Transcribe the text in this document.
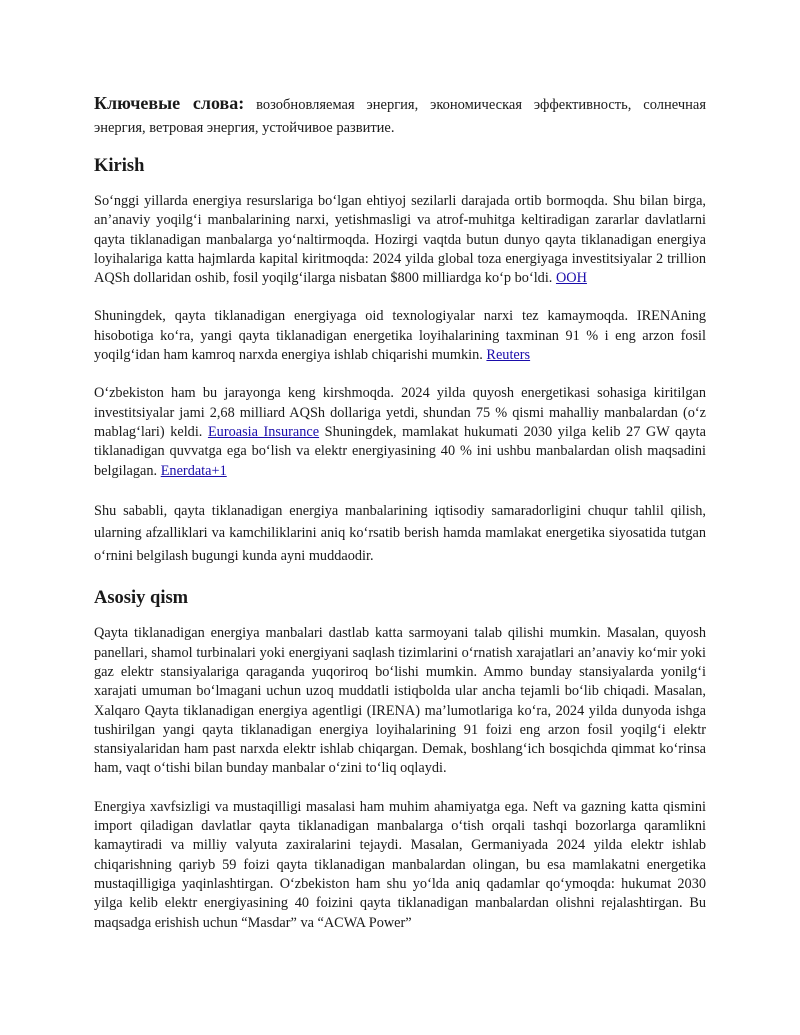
Ключевые слова: возобновляемая энергия, экономическая эффективность, солнечная энергия, ветровая энергия, устойчивое развитие.

Kirish

So‘nggi yillarda energiya resurslariga bo‘lgan ehtiyoj sezilarli darajada ortib bormoqda. Shu bilan birga, an’anaviy yoqilg‘i manbalarining narxi, yetishmasligi va atrof-muhitga keltiradigan zararlar davlatlarni qayta tiklanadigan manbalarga yo‘naltirmoqda. Hozirgi vaqtda butun dunyo qayta tiklanadigan energiya loyihalariga katta hajmlarda kapital kiritmoqda: 2024 yilda global toza energiyaga investitsiyalar 2 trillion AQSh dollaridan oshib, fosil yoqilg‘ilarga nisbatan $800 milliardga ko‘p bo‘ldi. OOH

Shuningdek, qayta tiklanadigan energiyaga oid texnologiyalar narxi tez kamaymoqda. IRENAning hisobotiga ko‘ra, yangi qayta tiklanadigan energetika loyihalarining taxminan 91 % i eng arzon fosil yoqilg‘idan ham kamroq narxda energiya ishlab chiqarishi mumkin. Reuters

O‘zbekiston ham bu jarayonga keng kirshmoqda. 2024 yilda quyosh energetikasi sohasiga kiritilgan investitsiyalar jami 2,68 milliard AQSh dollariga yetdi, shundan 75 % qismi mahalliy manbalardan (o‘z mablag‘lari) keldi. Euroasia Insurance Shuningdek, mamlakat hukumati 2030 yilga kelib 27 GW qayta tiklanadigan quvvatga ega bo‘lish va elektr energiyasining 40 % ini ushbu manbalardan olish maqsadini belgilagan. Enerdata+1

Shu sababli, qayta tiklanadigan energiya manbalarining iqtisodiy samaradorligini chuqur tahlil qilish, ularning afzalliklari va kamchiliklarini aniq ko‘rsatib berish hamda mamlakat energetika siyosatida tutgan o‘rnini belgilash bugungi kunda ayni muddaodir.

Asosiy qism

Qayta tiklanadigan energiya manbalari dastlab katta sarmoyani talab qilishi mumkin. Masalan, quyosh panellari, shamol turbinalari yoki energiyani saqlash tizimlarini o‘rnatish xarajatlari an’anaviy ko‘mir yoki gaz elektr stansiyalariga qaraganda yuqoriroq bo‘lishi mumkin. Ammo bunday stansiyalarda yonilg‘i xarajati umuman bo‘lmagani uchun uzoq muddatli istiqbolda ular ancha tejamli bo‘lib chiqadi. Masalan, Xalqaro Qayta tiklanadigan energiya agentligi (IRENA) ma’lumotlariga ko‘ra, 2024 yilda dunyoda ishga tushirilgan yangi qayta tiklanadigan energiya loyihalarining 91 foizi eng arzon fosil yoqilg‘i elektr stansiyalaridan ham past narxda elektr ishlab chiqargan. Demak, boshlang‘ich bosqichda qimmat ko‘rinsa ham, vaqt o‘tishi bilan bunday manbalar o‘zini to‘liq oqlaydi.

Energiya xavfsizligi va mustaqilligi masalasi ham muhim ahamiyatga ega. Neft va gazning katta qismini import qiladigan davlatlar qayta tiklanadigan manbalarga o‘tish orqali tashqi bozorlarga qaramlikni kamaytiradi va milliy valyuta zaxiralarini tejaydi. Masalan, Germaniyada 2024 yilda elektr ishlab chiqarishning qariyb 59 foizi qayta tiklanadigan manbalardan olingan, bu esa mamlakatni energetika mustaqilligiga yaqinlashtirgan. O‘zbekiston ham shu yo‘lda aniq qadamlar qo‘ymoqda: hukumat 2030 yilga kelib elektr energiyasining 40 foizini qayta tiklanadigan manbalardan olishni rejalashtirgan. Bu maqsadga erishish uchun “Masdar” va “ACWA Power”
